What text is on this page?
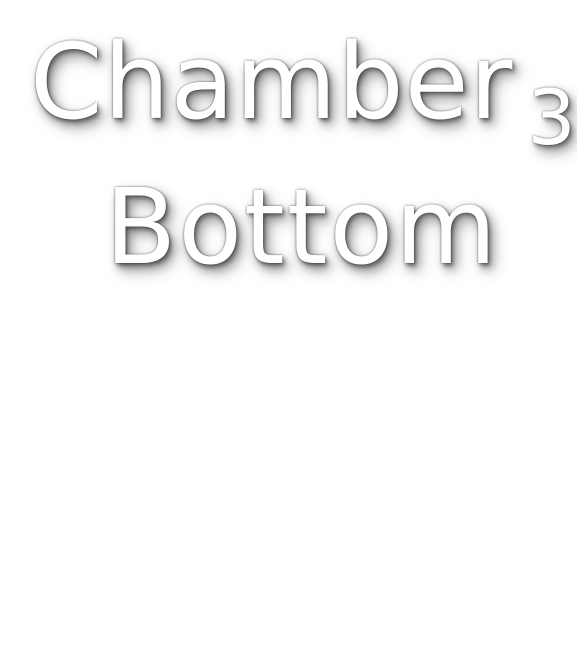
Chamber 3
Bottom
